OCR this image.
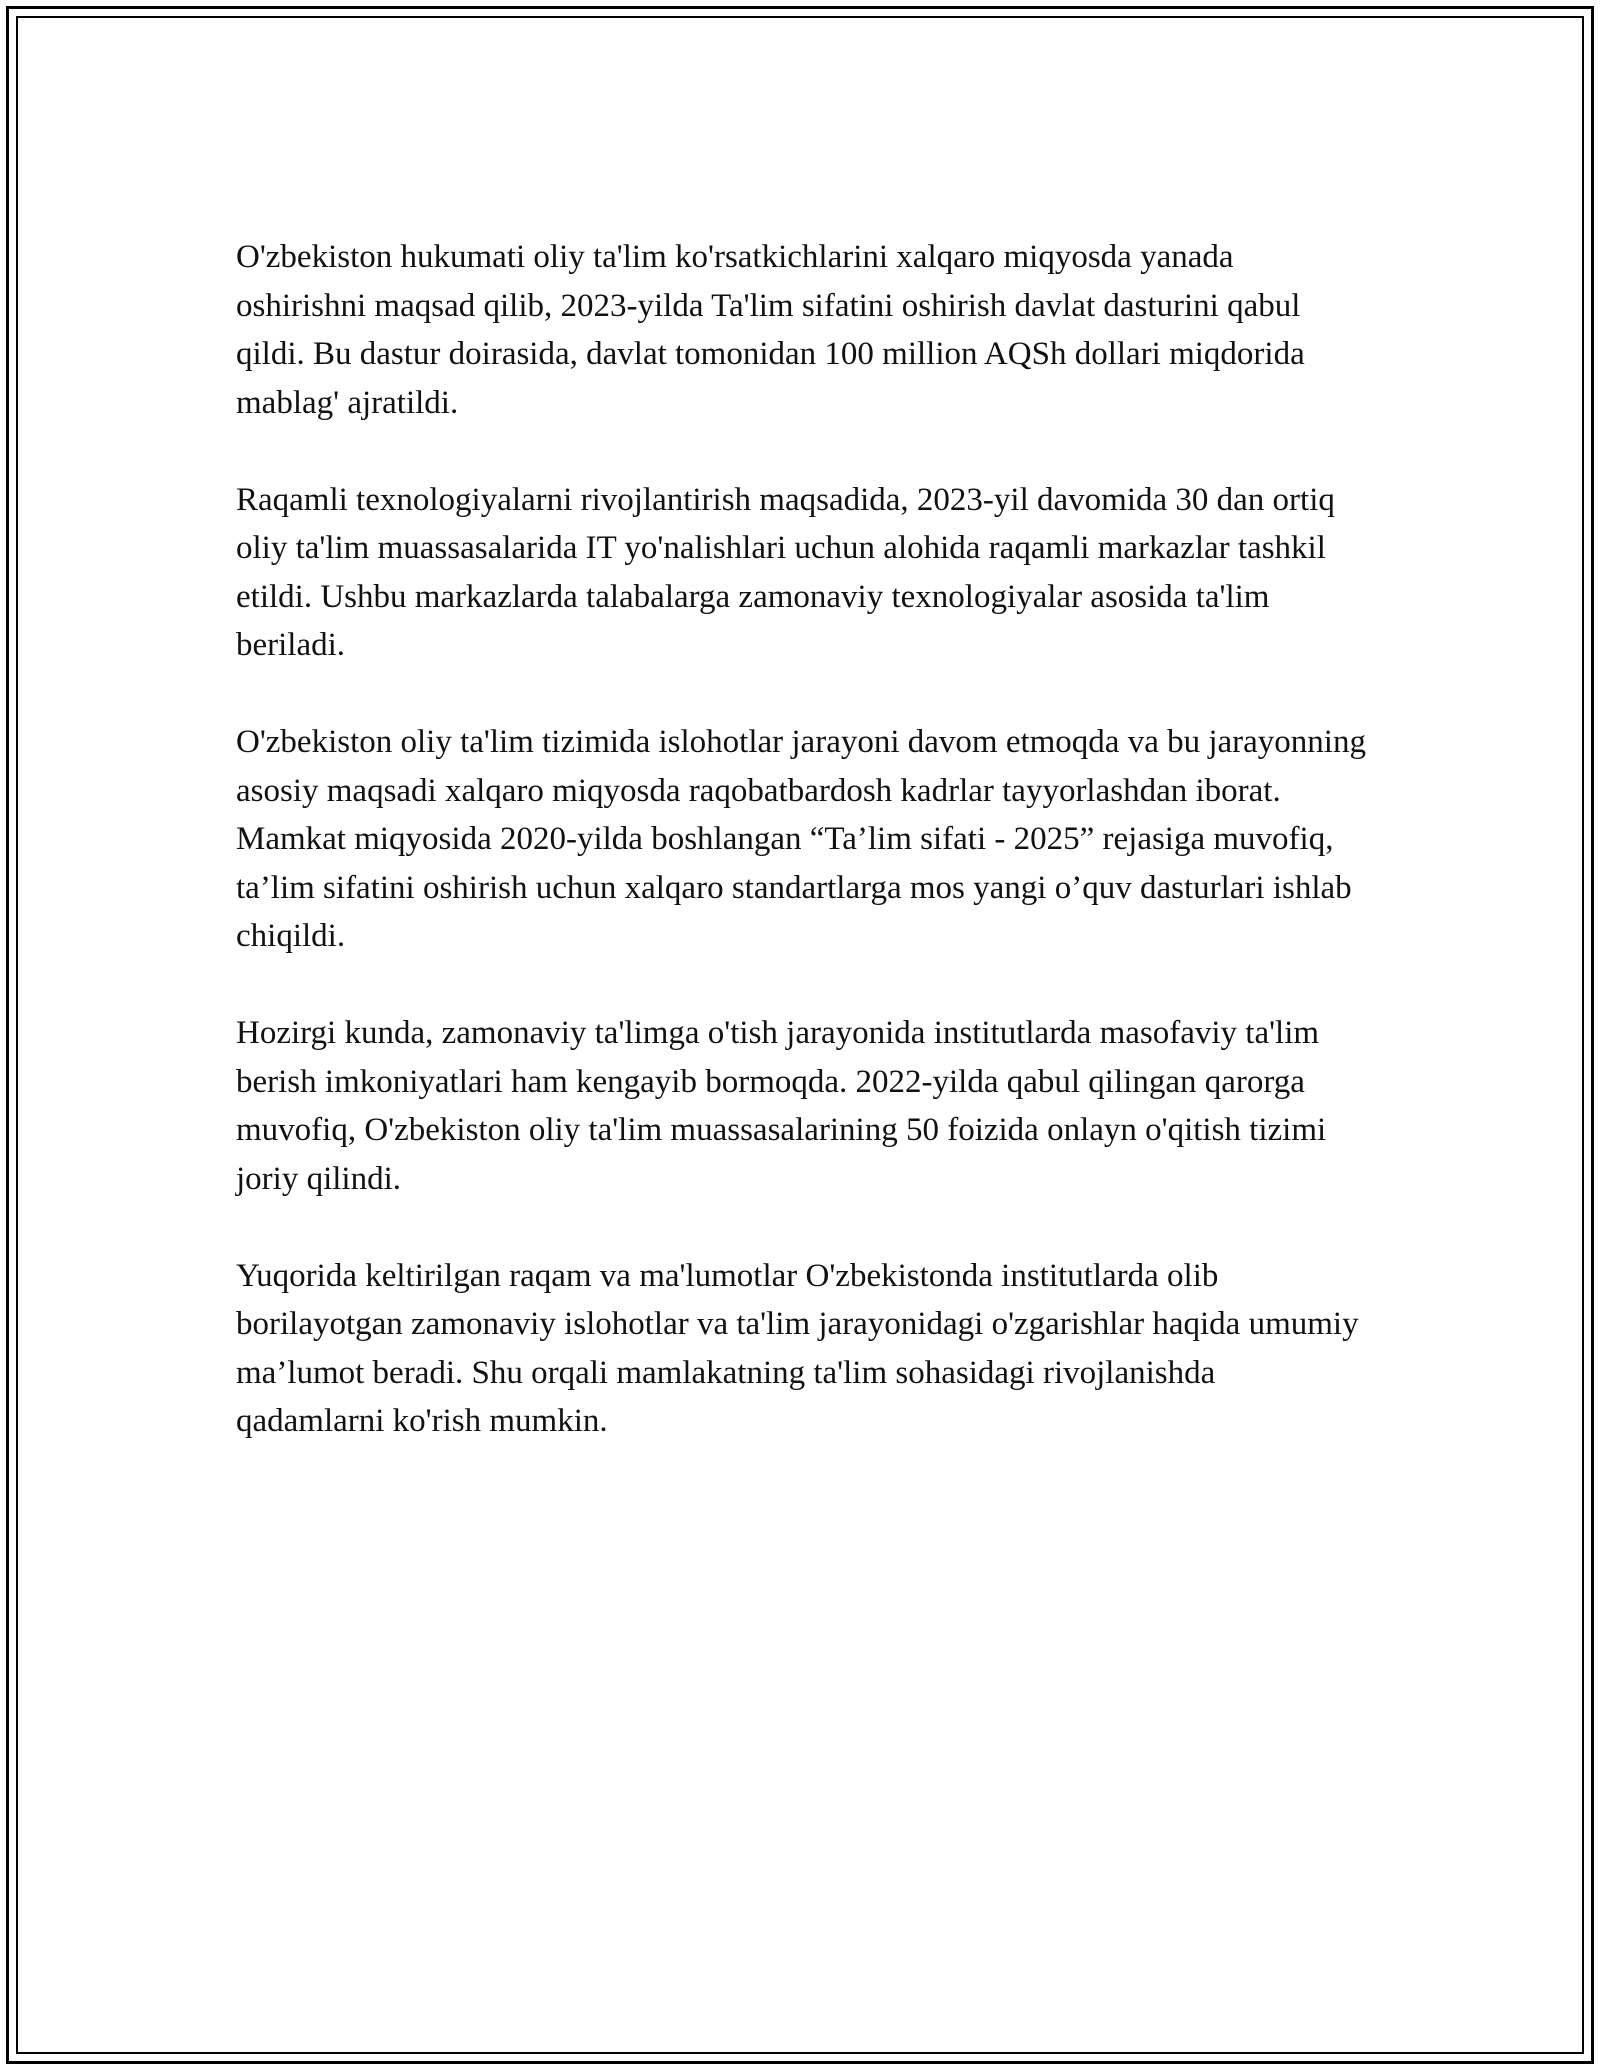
O'zbekiston hukumati oliy ta'lim ko'rsatkichlarini xalqaro miqyosda yanada oshirishni maqsad qilib, 2023-yilda Ta'lim sifatini oshirish davlat dasturini qabul qildi. Bu dastur doirasida, davlat tomonidan 100 million AQSh dollari miqdorida mablag' ajratildi.

Raqamli texnologiyalarni rivojlantirish maqsadida, 2023-yil davomida 30 dan ortiq oliy ta'lim muassasalarida IT yo'nalishlari uchun alohida raqamli markazlar tashkil etildi. Ushbu markazlarda talabalarga zamonaviy texnologiyalar asosida ta'lim beriladi.

O'zbekiston oliy ta'lim tizimida islohotlar jarayoni davom etmoqda va bu jarayonning asosiy maqsadi xalqaro miqyosda raqobatbardosh kadrlar tayyorlashdan iborat. Mamkat miqyosida 2020-yilda boshlangan “Ta’lim sifati - 2025” rejasiga muvofiq, ta’lim sifatini oshirish uchun xalqaro standartlarga mos yangi o’quv dasturlari ishlab chiqildi.

Hozirgi kunda, zamonaviy ta'limga o'tish jarayonida institutlarda masofaviy ta'lim berish imkoniyatlari ham kengayib bormoqda. 2022-yilda qabul qilingan qarorga muvofiq, O'zbekiston oliy ta'lim muassasalarining 50 foizida onlayn o'qitish tizimi joriy qilindi.

Yuqorida keltirilgan raqam va ma'lumotlar O'zbekistonda institutlarda olib borilayotgan zamonaviy islohotlar va ta'lim jarayonidagi o'zgarishlar haqida umumiy ma’lumot beradi. Shu orqali mamlakatning ta'lim sohasidagi rivojlanishda qadamlarni ko'rish mumkin.
